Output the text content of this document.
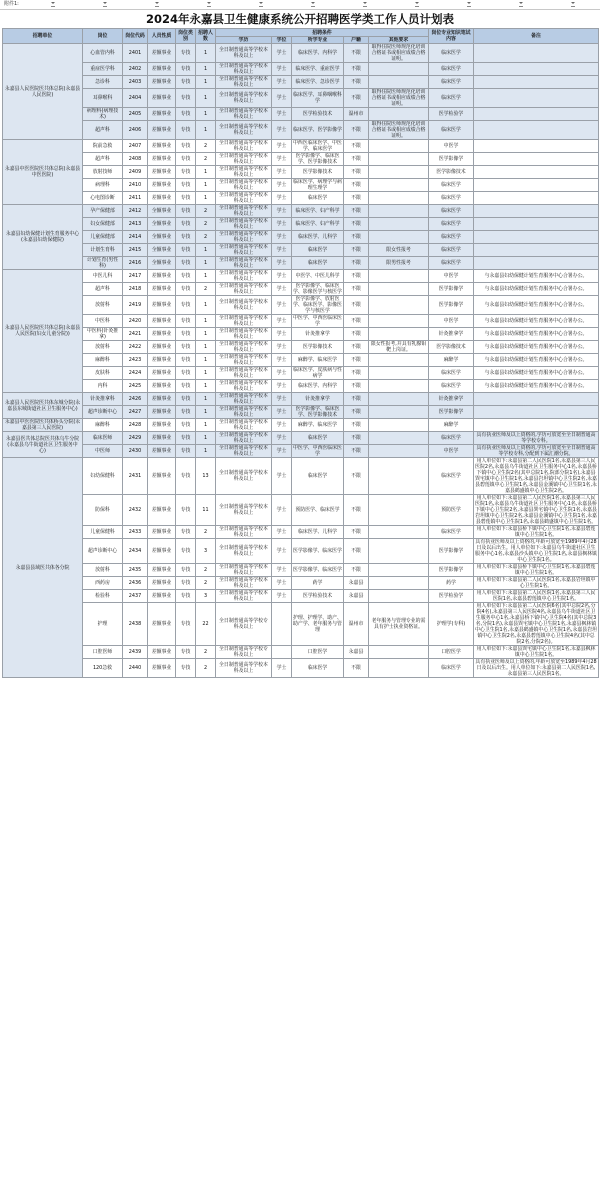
附件1:
2024年永嘉县卫生健康系统公开招聘医学类工作人员计划表
招聘单位	岗位	岗位代码	人员性质	岗位类别	招聘人数	招聘条件					岗位专业知识笔试内容	备注
						学历	学位	所学专业	户籍	其他要求		
永嘉县人民医院医共体总院(永嘉县人民医院)	心血管内科	2401	差额事业	专技	1	全日制普通高等学校本科及以上	学士	临床医学、内科学	不限	取得住院医师规范化培训合格证书或相应成绩合格证明。	临床医学	
	重症医学科	2402	差额事业	专技	1	全日制普通高等学校本科及以上	学士	临床医学、重症医学	不限		临床医学	
	急诊科	2403	差额事业	专技	1	全日制普通高等学校本科及以上	学士	临床医学、急诊医学	不限		临床医学	
	耳鼻喉科	2404	差额事业	专技	1	全日制普通高等学校本科及以上	学士	临床医学、耳鼻咽喉科学	不限	取得住院医师规范化培训合格证书或相应成绩合格证明。	临床医学	
	病理科(病理技术)	2405	差额事业	专技	1	全日制普通高等学校本科及以上	学士	医学检验技术	温州市		医学检验学	
	超声科	2406	差额事业	专技	1	全日制普通高等学校本科及以上	学士	临床医学、医学影像学	不限	取得住院医师规范化培训合格证书或相应成绩合格证明。	临床医学	
永嘉县中医医院医共体总院(永嘉县中医医院)	院前急救	2407	差额事业	专技	2	全日制普通高等学校本科及以上	学士	中西医临床医学、中医学、临床医学	不限		中医学	
	超声科	2408	差额事业	专技	2	全日制普通高等学校本科及以上	学士	医学影像学、临床医学、医学影像技术	不限		医学影像学	
	放射技师	2409	差额事业	专技	1	全日制普通高等学校本科及以上	学士	医学影像技术	不限		医学影像技术	
	病理科	2410	差额事业	专技	1	全日制普通高等学校本科及以上	学士	临床医学、病理学与病理生理学	不限		临床医学	
	心电图诊断	2411	差额事业	专技	1	全日制普通高等学校本科及以上	学士	临床医学	不限		临床医学	
永嘉县妇幼保健计划生育服务中心(永嘉县妇幼保健院)	孕产保健部	2412	全额事业	专技	2	全日制普通高等学校本科及以上	学士	临床医学、妇产科学	不限		临床医学	
	妇女保健部	2413	全额事业	专技	2	全日制普通高等学校本科及以上	学士	临床医学、妇产科学	不限		临床医学	
	儿童保健部	2414	全额事业	专技	2	全日制普通高等学校本科及以上	学士	临床医学、儿科学	不限		临床医学	
	计划生育科	2415	全额事业	专技	1	全日制普通高等学校本科及以上	学士	临床医学	不限	限女性报考	临床医学	
	计划生育(男性科)	2416	全额事业	专技	1	全日制普通高等学校本科及以上	学士	临床医学	不限	限男性报考	临床医学	
永嘉县人民医院医共体总院(永嘉县人民医院(妇女儿童分院))	中医儿科	2417	差额事业	专技	1	全日制普通高等学校本科及以上	学士	中医学、中医儿科学	不限		中医学	与永嘉县妇幼保健计划生育服务中心合署办公。
	超声科	2418	差额事业	专技	2	全日制普通高等学校本科及以上	学士	医学影像学、临床医学、影像医学与核医学	不限		医学影像学	与永嘉县妇幼保健计划生育服务中心合署办公。
	放射科	2419	差额事业	专技	1	全日制普通高等学校本科及以上	学士	医学影像学、放射医学、临床医学、影像医学与核医学	不限		医学影像学	与永嘉县妇幼保健计划生育服务中心合署办公。
	中医科	2420	差额事业	专技	1	全日制普通高等学校本科及以上	学士	中医学、中西医临床医学	不限		中医学	与永嘉县妇幼保健计划生育服务中心合署办公。
	中医科(针灸推拿)	2421	差额事业	专技	1	全日制普通高等学校本科及以上	学士	针灸推拿学	不限		针灸推拿学	与永嘉县妇幼保健计划生育服务中心合署办公。
	放射科	2422	差额事业	专技	1	全日制普通高等学校本科及以上	学士	医学影像技术	不限	限女性报考,并具有乳腺钼靶上岗证。	医学影像技术	与永嘉县妇幼保健计划生育服务中心合署办公。
	麻醉科	2423	差额事业	专技	1	全日制普通高等学校本科及以上	学士	麻醉学、临床医学	不限		麻醉学	与永嘉县妇幼保健计划生育服务中心合署办公。
	皮肤科	2424	差额事业	专技	1	全日制普通高等学校本科及以上	学士	临床医学、皮肤病与性病学	不限		临床医学	与永嘉县妇幼保健计划生育服务中心合署办公。
	内科	2425	差额事业	专技	1	全日制普通高等学校本科及以上	学士	临床医学、内科学	不限		临床医学	与永嘉县妇幼保健计划生育服务中心合署办公。
永嘉县人民医院医共体东城分院(永嘉县东城街道社区卫生服务中心)	针灸推拿科	2426	差额事业	专技	1	全日制普通高等学校本科及以上	学士	针灸推拿学	不限		针灸推拿学	
	超声诊断中心	2427	差额事业	专技	1	全日制普通高等学校本科及以上	学士	医学影像学、临床医学、医学影像技术	不限		医学影像学	
永嘉县中医医院医共体桥头分院(永嘉县第三人民医院)	麻醉科	2428	差额事业	专技	1	全日制普通高等学校本科及以上	学士	麻醉学、临床医学	不限		麻醉学	
永嘉县医共体总院医共体乌牛分院(永嘉县乌牛街道社区卫生服务中心)	临床医师	2429	差额事业	专技	1	全日制普通高等学校本科及以上	学士	临床医学	不限		临床医学	具有执业医师及以上资格的,学历可放宽至全日制普通高等学校专科。
	中医师	2430	差额事业	专技	1	全日制普通高等学校本科及以上	学士	中医学、中西医临床医学	不限		中医学	具有执业医师及以上资格的,学历可放宽至全日制普通高等学校专科,分配到下属汇潮分院。
永嘉县县域医共体各分院	妇幼保健科	2431	差额事业	专技	13	全日制普通高等学校本科及以上	学士	临床医学	不限		临床医学	用人单位如下:永嘉县第二人民医院1名,永嘉县第三人民医院2名,永嘉县乌牛街道社区卫生服务中心1名,永嘉县桥下镇中心卫生院2名(其中总院1名,院部分院1名),永嘉县巽宅镇中心卫生院1名,永嘉县岩坦镇中心卫生院2名,永嘉县碧莲镇中心卫生院1名,永嘉县金溪镇中心卫生院1名,永嘉县鹤盛镇中心卫生院2名。
	防保科	2432	差额事业	专技	11	全日制普通高等学校本科及以上	学士	预防医学、临床医学	不限		预防医学	用人单位如下:永嘉县第二人民医院1名,永嘉县第三人民医院1名,永嘉县乌牛街道社区卫生服务中心1名,永嘉县桥下镇中心卫生院2名,永嘉县巽宅镇中心卫生院1名,永嘉县岩坦镇中心卫生院2名,永嘉县金溪镇中心卫生院1名,永嘉县碧莲镇中心卫生院1名,永嘉县鹤盛镇中心卫生院1名。
	儿童保健科	2433	差额事业	专技	2	全日制普通高等学校本科及以上	学士	临床医学、儿科学	不限		临床医学	用人单位如下:永嘉县桥下镇中心卫生院1名,永嘉县碧莲镇中心卫生院1名。
	超声诊断中心	2434	差额事业	专技	3	全日制普通高等学校本科及以上	学士	医学影像学、临床医学	不限		医学影像学	具有执业医师及以上资格的,年龄可放宽至1989年4月28日及以后出生。用人单位如下:永嘉县乌牛街道社区卫生服务中心1名,永嘉县沙头镇中心卫生院1名,永嘉县枫林镇中心卫生院1名。
	放射科	2435	差额事业	专技	2	全日制普通高等学校本科及以上	学士	医学影像学、临床医学	不限		医学影像学	用人单位如下:永嘉县桥下镇中心卫生院1名,永嘉县碧莲镇中心卫生院1名。
	西药房	2436	差额事业	专技	2	全日制普通高等学校本科及以上	学士	药学	永嘉县		药学	用人单位如下:永嘉县第二人民医院1名,永嘉县岩坦镇中心卫生院1名。
	检验科	2437	差额事业	专技	3	全日制普通高等学校本科及以上	学士	医学检验技术	永嘉县		医学检验学	用人单位如下:永嘉县第二人民医院1名,永嘉县第三人民医院1名,永嘉县碧莲镇中心卫生院1名。
	护理	2438	差额事业	专技	22	全日制普通高等学校专科及以上		护理、护理学、助产、助产学、老年服务与管理	温州市	老年服务与管理专业的需具有护士执业资格证。	护理学(专科)	用人单位如下:永嘉县第二人民医院6名(其中总院2名,分院4名),永嘉县第三人民医院4名,永嘉县乌牛街道社区卫生服务中心1名,永嘉县桥下镇中心卫生院4名(其中总院3名,分院1名),永嘉县巽宅镇中心卫生院1名,永嘉县枫林镇中心卫生院1名,永嘉县鹤盛镇中心卫生院1名,永嘉县岩坦镇中心卫生院2名,永嘉县碧莲镇中心卫生院4名(其中总院2名,分院2名)。
	口腔医师	2439	差额事业	专技	2	全日制普通高等学校专科及以上		口腔医学	永嘉县		口腔医学	用人单位如下:永嘉县巽宅镇中心卫生院1名,永嘉县枫林镇中心卫生院1名。
	120急救	2440	差额事业	专技	2	全日制普通高等学校本科及以上	学士	临床医学	不限		临床医学	具有执业医师及以上资格的,年龄可放宽至1989年4月28日及以后出生。用人单位如下:永嘉县第二人民医院1名,永嘉县第三人民医院1名。
